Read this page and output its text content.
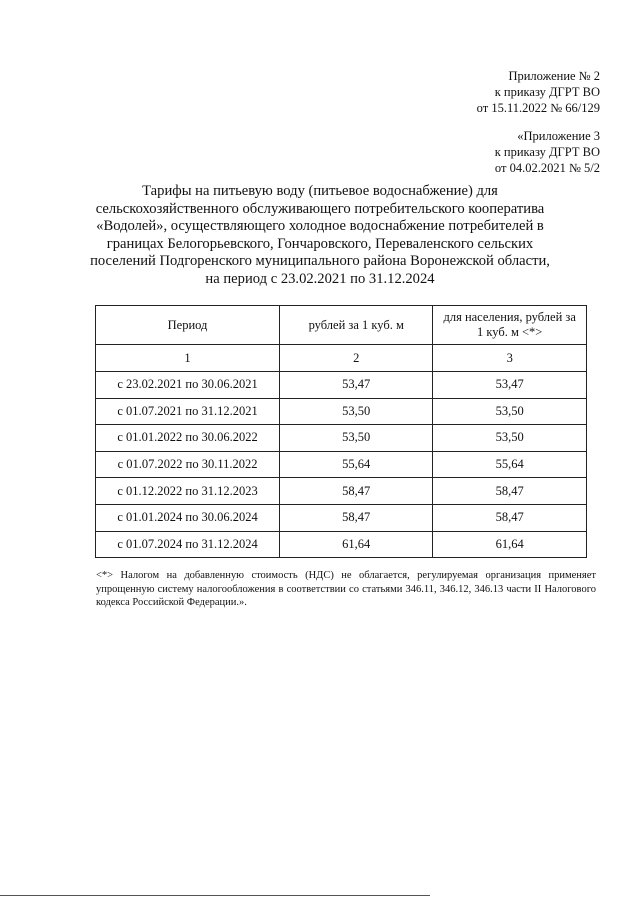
Приложение № 2
к приказу ДГРТ ВО
от 15.11.2022 № 66/129
«Приложение 3
к приказу ДГРТ ВО
от 04.02.2021 № 5/2
Тарифы на питьевую воду (питьевое водоснабжение) для
сельскохозяйственного обслуживающего потребительского кооператива
«Водолей», осуществляющего холодное водоснабжение потребителей в
границах Белогорьевского, Гончаровского, Переваленского сельских
поселений Подгоренского муниципального района Воронежской области,
на период с 23.02.2021 по 31.12.2024
Период	рублей за 1 куб. м	для населения, рублей за
1 куб. м <*>
1	2	3
с 23.02.2021 по 30.06.2021	53,47	53,47
с 01.07.2021 по 31.12.2021	53,50	53,50
с 01.01.2022 по 30.06.2022	53,50	53,50
с 01.07.2022 по 30.11.2022	55,64	55,64
с 01.12.2022 по 31.12.2023	58,47	58,47
с 01.01.2024 по 30.06.2024	58,47	58,47
с 01.07.2024 по 31.12.2024	61,64	61,64
<*> Налогом на добавленную стоимость (НДС) не облагается, регулируемая организация применяет упрощенную систему налогообложения в соответствии со статьями 346.11, 346.12, 346.13 части II Налогового кодекса Российской Федерации.».
